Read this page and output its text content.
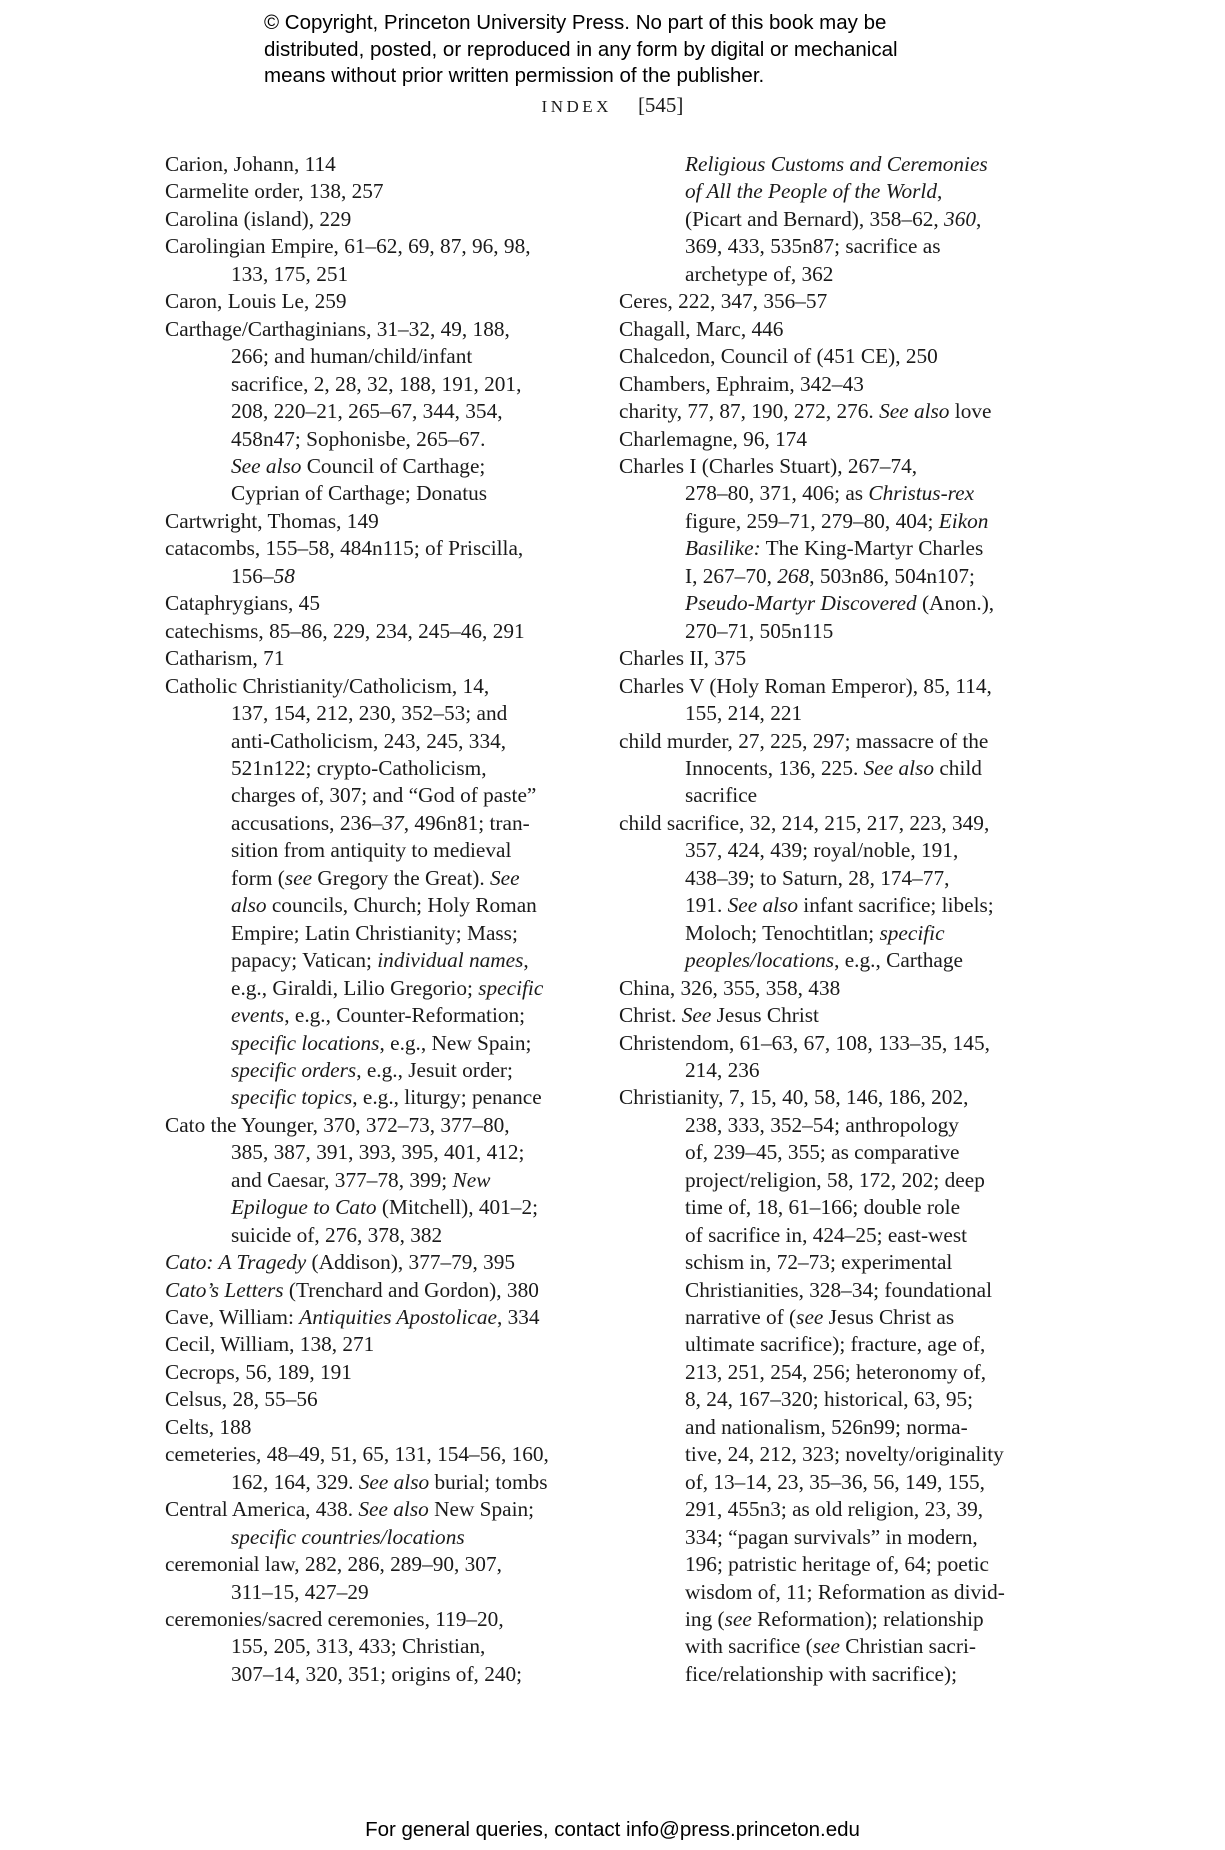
© Copyright, Princeton University Press. No part of this book may be
distributed, posted, or reproduced in any form by digital or mechanical
means without prior written permission of the publisher.
INDEX [545]

Carion, Johann, 114

Carmelite order, 138, 257

Carolina (island), 229

Carolingian Empire, 61–62, 69, 87, 96, 98,
133, 175, 251

Caron, Louis Le, 259

Carthage/Carthaginians, 31–32, 49, 188,
266; and human/child/infant
sacrifice, 2, 28, 32, 188, 191, 201,
208, 220–21, 265–67, 344, 354,
458n47; Sophonisbe, 265–67.
See also Council of Carthage;
Cyprian of Carthage; Donatus

Cartwright, Thomas, 149

catacombs, 155–58, 484n115; of Priscilla,
156–58

Cataphrygians, 45

catechisms, 85–86, 229, 234, 245–46, 291

Catharism, 71

Catholic Christianity/Catholicism, 14,
137, 154, 212, 230, 352–53; and
anti-Catholicism, 243, 245, 334,
521n122; crypto-Catholicism,
charges of, 307; and “God of paste”
accusations, 236–37, 496n81; tran-
sition from antiquity to medieval
form (see Gregory the Great). See
also councils, Church; Holy Roman
Empire; Latin Christianity; Mass;
papacy; Vatican; individual names,
e.g., Giraldi, Lilio Gregorio; specific
events, e.g., Counter-Reformation;
specific locations, e.g., New Spain;
specific orders, e.g., Jesuit order;
specific topics, e.g., liturgy; penance

Cato the Younger, 370, 372–73, 377–80,
385, 387, 391, 393, 395, 401, 412;
and Caesar, 377–78, 399; New
Epilogue to Cato (Mitchell), 401–2;
suicide of, 276, 378, 382

Cato: A Tragedy (Addison), 377–79, 395

Cato’s Letters (Trenchard and Gordon), 380

Cave, William: Antiquities Apostolicae, 334

Cecil, William, 138, 271

Cecrops, 56, 189, 191

Celsus, 28, 55–56

Celts, 188

cemeteries, 48–49, 51, 65, 131, 154–56, 160,
162, 164, 329. See also burial; tombs

Central America, 438. See also New Spain;
specific countries/locations

ceremonial law, 282, 286, 289–90, 307,
311–15, 427–29

ceremonies/sacred ceremonies, 119–20,
155, 205, 313, 433; Christian,
307–14, 320, 351; origins of, 240;

Religious Customs and Ceremonies
of All the People of the World,
(Picart and Bernard), 358–62, 360,
369, 433, 535n87; sacrifice as
archetype of, 362

Ceres, 222, 347, 356–57

Chagall, Marc, 446

Chalcedon, Council of (451 CE), 250

Chambers, Ephraim, 342–43

charity, 77, 87, 190, 272, 276. See also love

Charlemagne, 96, 174

Charles I (Charles Stuart), 267–74,
278–80, 371, 406; as Christus-rex
figure, 259–71, 279–80, 404; Eikon
Basilike: The King-Martyr Charles
I, 267–70, 268, 503n86, 504n107;
Pseudo-Martyr Discovered (Anon.),
270–71, 505n115

Charles II, 375

Charles V (Holy Roman Emperor), 85, 114,
155, 214, 221

child murder, 27, 225, 297; massacre of the
Innocents, 136, 225. See also child
sacrifice

child sacrifice, 32, 214, 215, 217, 223, 349,
357, 424, 439; royal/noble, 191,
438–39; to Saturn, 28, 174–77,
191. See also infant sacrifice; libels;
Moloch; Tenochtitlan; specific
peoples/locations, e.g., Carthage

China, 326, 355, 358, 438

Christ. See Jesus Christ

Christendom, 61–63, 67, 108, 133–35, 145,
214, 236

Christianity, 7, 15, 40, 58, 146, 186, 202,
238, 333, 352–54; anthropology
of, 239–45, 355; as comparative
project/religion, 58, 172, 202; deep
time of, 18, 61–166; double role
of sacrifice in, 424–25; east-west
schism in, 72–73; experimental
Christianities, 328–34; foundational
narrative of (see Jesus Christ as
ultimate sacrifice); fracture, age of,
213, 251, 254, 256; heteronomy of,
8, 24, 167–320; historical, 63, 95;
and nationalism, 526n99; norma-
tive, 24, 212, 323; novelty/originality
of, 13–14, 23, 35–36, 56, 149, 155,
291, 455n3; as old religion, 23, 39,
334; “pagan survivals” in modern,
196; patristic heritage of, 64; poetic
wisdom of, 11; Reformation as divid-
ing (see Reformation); relationship
with sacrifice (see Christian sacri-
fice/relationship with sacrifice);

For general queries, contact info@press.princeton.edu
